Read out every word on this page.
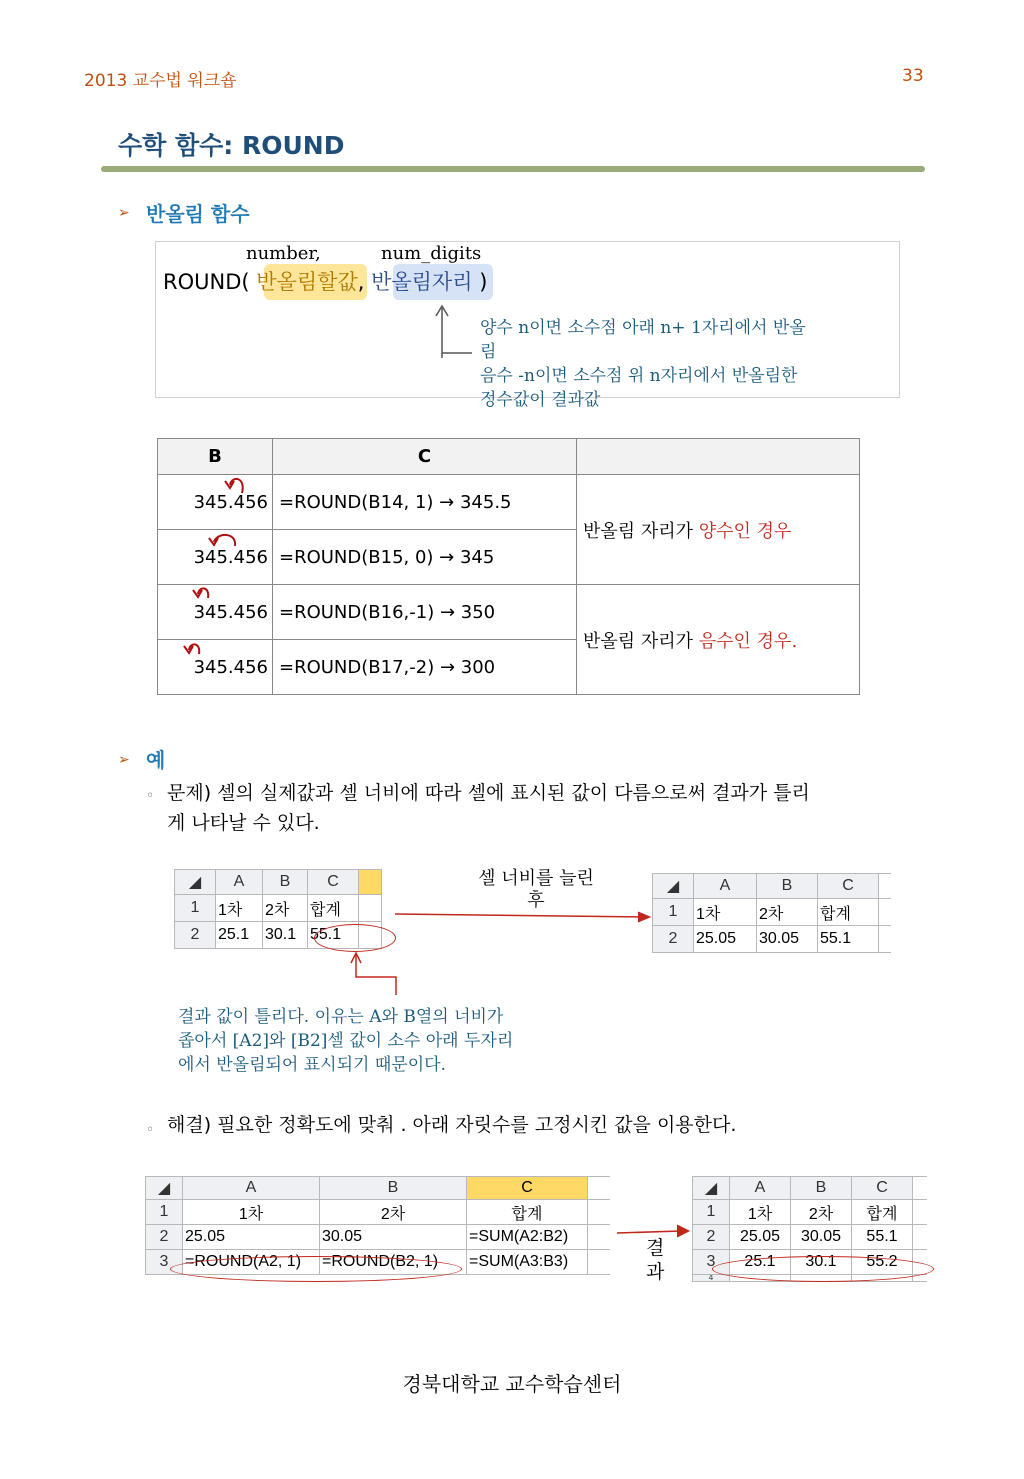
2013 교수법 워크숍	33
수학 함수: ROUND
➢ 반올림 함수
number,	num_digits
ROUND( 반올림할값, 반올림자리 )
양수 n이면 소수점 아래 n+ 1자리에서 반올
림
음수 -n이면 소수점 위 n자리에서 반올림한
정수값이 결과값
B	C	
345.456	=ROUND(B14, 1) → 345.5	반올림 자리가 양수인 경우
345.456	=ROUND(B15, 0) → 345	
345.456	=ROUND(B16,-1) → 350	반올림 자리가 음수인 경우.
345.456	=ROUND(B17,-2) → 300	
➢ 예
◦ 문제) 셀의 실제값과 셀 너비에 따라 셀에 표시된 값이 다름으로써 결과가 틀리
게 나타날 수 있다.
◢	A	B	C	
1	1차	2차	합계	
2	25.1	30.1	55.1	
셀 너비를 늘린
후
◢	A	B	C	
1	1차	2차	합계	
2	25.05	30.05	55.1	
결과 값이 틀리다. 이유는 A와 B열의 너비가
좁아서 [A2]와 [B2]셀 값이 소수 아래 두자리
에서 반올림되어 표시되기 때문이다.
◦ 해결) 필요한 정확도에 맞춰 . 아래 자릿수를 고정시킨 값을 이용한다.
◢	A	B	C	
1	1차	2차	합계	
2	25.05	30.05	=SUM(A2:B2)	
3	=ROUND(A2, 1)	=ROUND(B2, 1)	=SUM(A3:B3)	
결
과
◢	A	B	C	
1	1차	2차	합계	
2	25.05	30.05	55.1	
3	25.1	30.1	55.2	
4				
경북대학교 교수학습센터
